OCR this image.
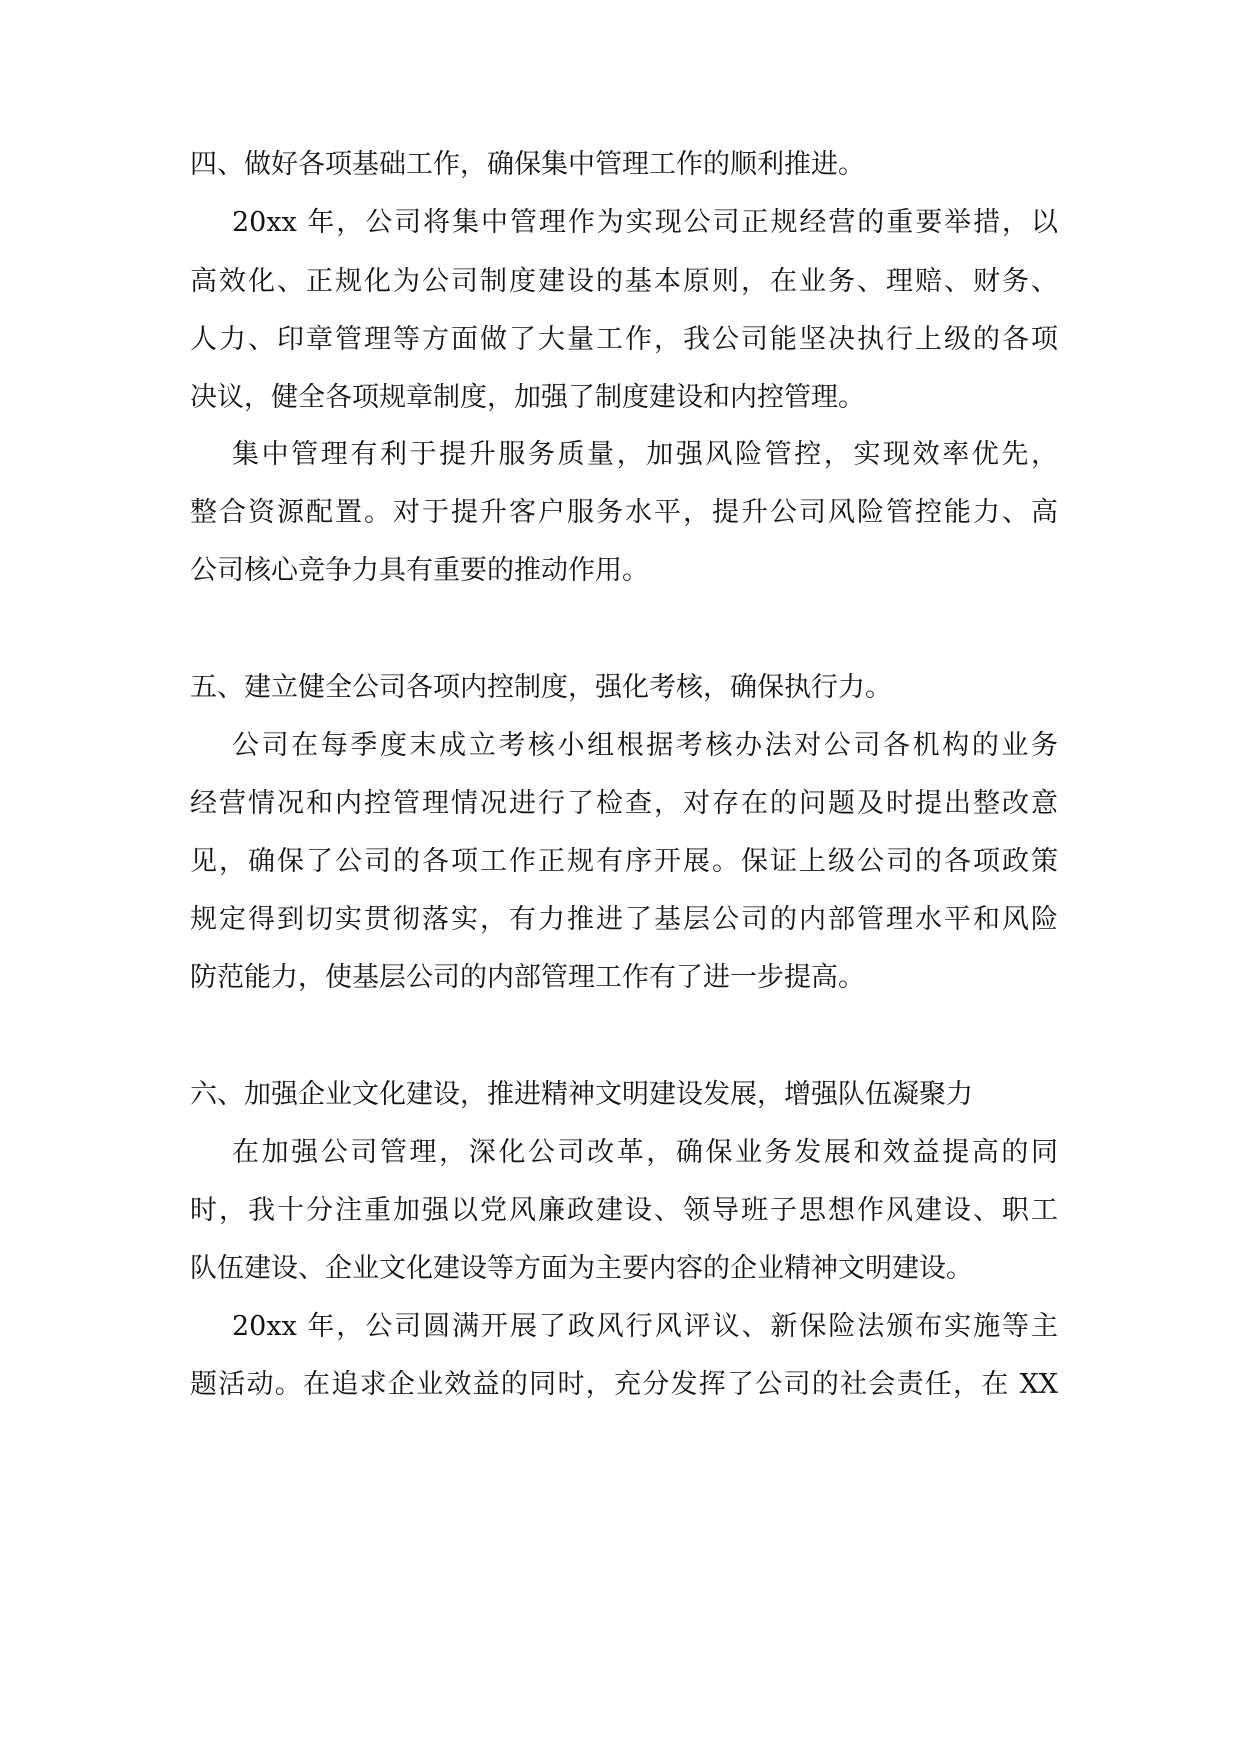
四、做好各项基础工作，确保集中管理工作的顺利推进。
20xx 年，公司将集中管理作为实现公司正规经营的重要举措，以
高效化、正规化为公司制度建设的基本原则，在业务、理赔、财务、
人力、印章管理等方面做了大量工作，我公司能坚决执行上级的各项
决议，健全各项规章制度，加强了制度建设和内控管理。
集中管理有利于提升服务质量，加强风险管控，实现效率优先，
整合资源配置。对于提升客户服务水平，提升公司风险管控能力、高
公司核心竞争力具有重要的推动作用。
五、建立健全公司各项内控制度，强化考核，确保执行力。
公司在每季度末成立考核小组根据考核办法对公司各机构的业务
经营情况和内控管理情况进行了检查，对存在的问题及时提出整改意
见，确保了公司的各项工作正规有序开展。保证上级公司的各项政策
规定得到切实贯彻落实，有力推进了基层公司的内部管理水平和风险
防范能力，使基层公司的内部管理工作有了进一步提高。
六、加强企业文化建设，推进精神文明建设发展，增强队伍凝聚力
在加强公司管理，深化公司改革，确保业务发展和效益提高的同
时，我十分注重加强以党风廉政建设、领导班子思想作风建设、职工
队伍建设、企业文化建设等方面为主要内容的企业精神文明建设。
20xx 年，公司圆满开展了政风行风评议、新保险法颁布实施等主
题活动。在追求企业效益的同时，充分发挥了公司的社会责任，在 XX
